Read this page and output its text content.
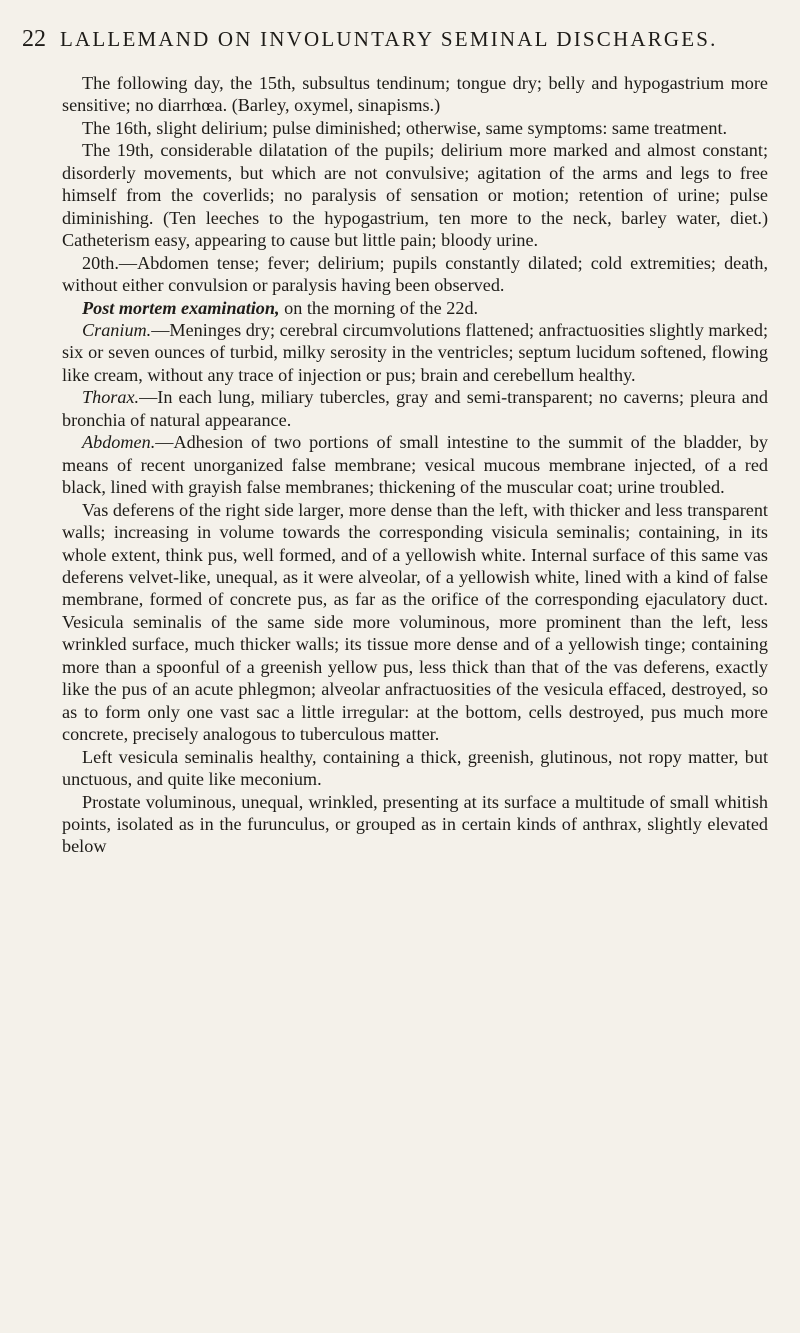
22 LALLEMAND ON INVOLUNTARY SEMINAL DISCHARGES.

The following day, the 15th, subsultus tendinum; tongue dry; belly and hypogastrium more sensitive; no diarrhœa. (Barley, oxymel, sinapisms.)

The 16th, slight delirium; pulse diminished; otherwise, same symptoms: same treatment.

The 19th, considerable dilatation of the pupils; delirium more marked and almost constant; disorderly movements, but which are not convulsive; agitation of the arms and legs to free himself from the coverlids; no paralysis of sensation or motion; retention of urine; pulse diminishing. (Ten leeches to the hypogastrium, ten more to the neck, barley water, diet.) Catheterism easy, appearing to cause but little pain; bloody urine.

20th.—Abdomen tense; fever; delirium; pupils constantly dilated; cold extremities; death, without either convulsion or paralysis having been observed.

Post mortem examination, on the morning of the 22d.

Cranium.—Meninges dry; cerebral circumvolutions flattened; anfractuosities slightly marked; six or seven ounces of turbid, milky serosity in the ventricles; septum lucidum softened, flowing like cream, without any trace of injection or pus; brain and cerebellum healthy.

Thorax.—In each lung, miliary tubercles, gray and semi-transparent; no caverns; pleura and bronchia of natural appearance.

Abdomen.—Adhesion of two portions of small intestine to the summit of the bladder, by means of recent unorganized false membrane; vesical mucous membrane injected, of a red black, lined with grayish false membranes; thickening of the muscular coat; urine troubled.

Vas deferens of the right side larger, more dense than the left, with thicker and less transparent walls; increasing in volume towards the corresponding visicula seminalis; containing, in its whole extent, think pus, well formed, and of a yellowish white. Internal surface of this same vas deferens velvet-like, unequal, as it were alveolar, of a yellowish white, lined with a kind of false membrane, formed of concrete pus, as far as the orifice of the corresponding ejaculatory duct. Vesicula seminalis of the same side more voluminous, more prominent than the left, less wrinkled surface, much thicker walls; its tissue more dense and of a yellowish tinge; containing more than a spoonful of a greenish yellow pus, less thick than that of the vas deferens, exactly like the pus of an acute phlegmon; alveolar anfractuosities of the vesicula effaced, destroyed, so as to form only one vast sac a little irregular: at the bottom, cells destroyed, pus much more concrete, precisely analogous to tuberculous matter.

Left vesicula seminalis healthy, containing a thick, greenish, glutinous, not ropy matter, but unctuous, and quite like meconium.

Prostate voluminous, unequal, wrinkled, presenting at its surface a multitude of small whitish points, isolated as in the furunculus, or grouped as in certain kinds of anthrax, slightly elevated below
